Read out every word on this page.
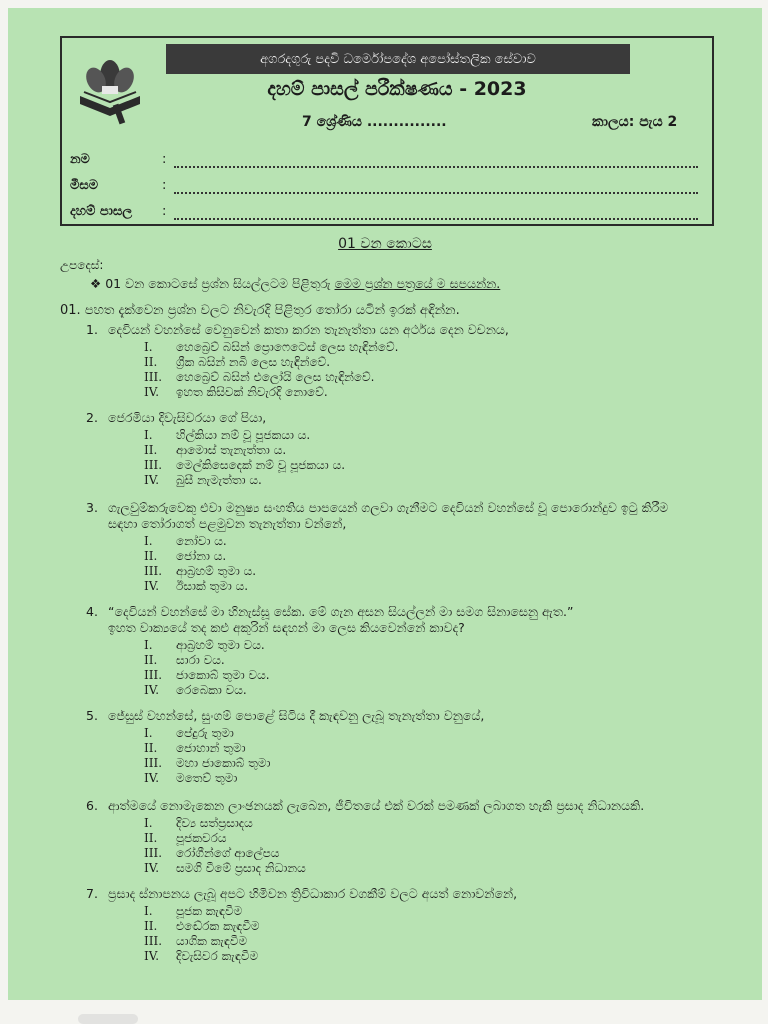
අගරදගුරු පදවි ධර්මෝපදේශ අපෝස්තලික සේවාව
දහම් පාසල් පරීක්ෂණය - 2023
7 ශ්‍රේණිය ...............	කාලය: පැය 2
නම	:
මීසම	:
දහම් පාසල :
01 වන කොටස
උපදෙස්:
❖ 01 වන කොටසේ ප්‍රශ්න සියල්ලටම පිළිතුරු මෙම ප්‍රශ්න පත්‍රයේ ම සපයන්න.
01. පහත දැක්වෙන ප්‍රශ්න වලට නිවැරදි පිළිතුර තෝරා යටින් ඉරක් අඳින්න.
1. දෙවියන් වහන්සේ වෙනුවෙන් කතා කරන තැනැත්තා යන අර්ථය දෙන වචනය,
I. හෙබ්‍රෙව් බසින් ප්‍රොෆෙටෙස් ලෙස හැඳින්වේ.
II. ග්‍රීක බසින් නබි ලෙස හැඳින්වේ.
III. හෙබ්‍රෙව් බසින් එලෝයි ලෙස හැඳින්වේ.
IV. ඉහත කිසිවක් නිවැරදි නොවේ.
2. ජෙරමියා දිවැසිවරයා ගේ පියා,
I. හිල්කියා නම් වූ පූජකයා ය.
II. ආමොස් තැනැත්තා ය.
III. මෙල්කිසෙදෙක් නම් වූ පූජකයා ය.
IV. බුසී නැමැත්තා ය.
3. ගැලවුම්කරුවෙකු එවා මනුෂ්‍ය සංහතිය පාපයෙන් ගලවා ගැනීමට දෙවියන් වහන්සේ වූ පොරොන්දුව ඉටු කිරීම
සඳහා තෝරාගත් පළමුවන තැනැත්තා වන්නේ,
I. නෝවා ය.
II. ජෝනා ය.
III. ආබ්‍රහම් තුමා ය.
IV. ඊසාක් තුමා ය.
4. “දෙවියන් වහන්සේ මා හිනැස්සූ සේක. මේ ගැන අසන සියල්ලන් මා සමග සිනාසෙනු ඇත.”
ඉහත වාක්‍යයේ තද කළු අකුරින් සඳහන් මා ලෙස කියවෙන්නේ කාවද?
I. ආබ්‍රහම් තුමා වය.
II. සාරා වය.
III. ජාකොබ් තුමා වය.
IV. රෙබෙකා වය.
5. ජේසුස් වහන්සේ, සුංගම් පොළේ සිටිය දී කැඳවනු ලැබූ තැනැත්තා වනුයේ,
I. පේදුරු තුමා
II. ජොහාන් තුමා
III. මහා ජාකොබ් තුමා
IV. මතෙව් තුමා
6. ආත්මයේ නොමැකෙන ලාංඡනයක් ලැබෙන, ජීවිතයේ එක් වරක් පමණක් ලබාගත හැකි ප්‍රසාද නිධානයකි.
I. දිව්‍ය සත්ප්‍රසාදය
II. පූජකවරය
III. රෝගීන්ගේ ආලේපය
IV. සමගි වීමේ ප්‍රසාද නිධානය
7. ප්‍රසාද ස්නාපනය ලැබූ අපට හිමිවන ත්‍රිවිධාකාර වගකීම් වලට අයත් නොවන්නේ,
I. පූජක කැඳවීම
II. එඬේරක කැඳවීම
III. යාගික කැඳවීම
IV. දිවැසිවර කැඳවීම
